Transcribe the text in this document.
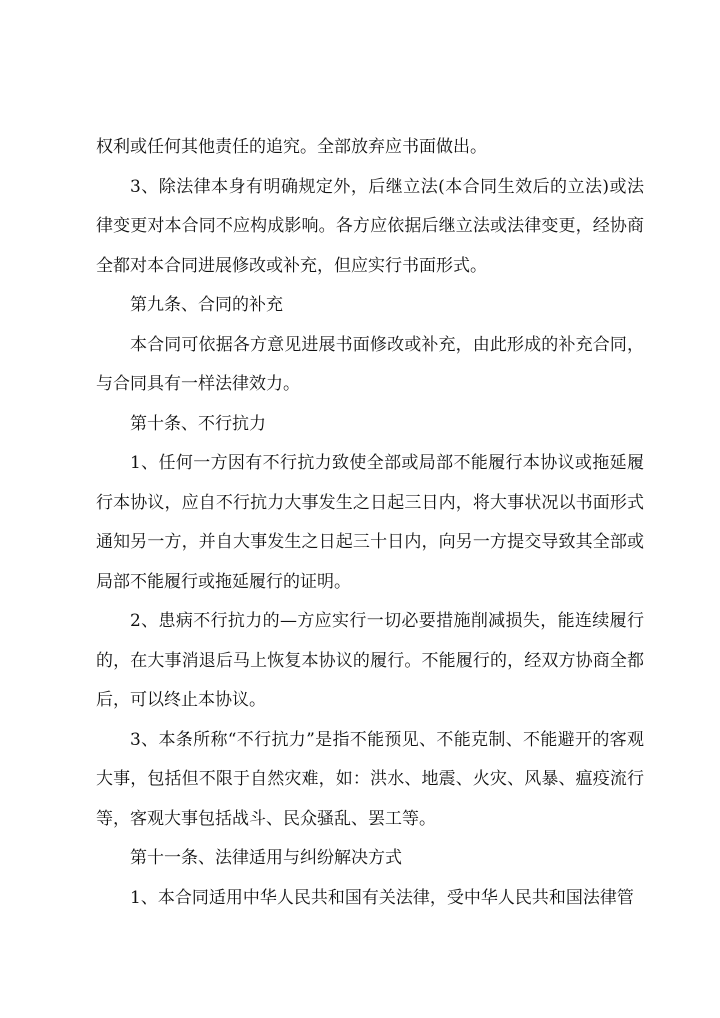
权利或任何其他责任的追究。全部放弃应书面做出。

3、除法律本身有明确规定外，后继立法(本合同生效后的立法)或法律变更对本合同不应构成影响。各方应依据后继立法或法律变更，经协商全都对本合同进展修改或补充，但应实行书面形式。

第九条、合同的补充

本合同可依据各方意见进展书面修改或补充，由此形成的补充合同，与合同具有一样法律效力。

第十条、不行抗力

1、任何一方因有不行抗力致使全部或局部不能履行本协议或拖延履行本协议，应自不行抗力大事发生之日起三日内，将大事状况以书面形式通知另一方，并自大事发生之日起三十日内，向另一方提交导致其全部或局部不能履行或拖延履行的证明。

2、患病不行抗力的—方应实行一切必要措施削减损失，能连续履行的，在大事消退后马上恢复本协议的履行。不能履行的，经双方协商全都后，可以终止本协议。

3、本条所称“不行抗力”是指不能预见、不能克制、不能避开的客观大事，包括但不限于自然灾难，如：洪水、地震、火灾、风暴、瘟疫流行等，客观大事包括战斗、民众骚乱、罢工等。

第十一条、法律适用与纠纷解决方式

1、本合同适用中华人民共和国有关法律，受中华人民共和国法律管
